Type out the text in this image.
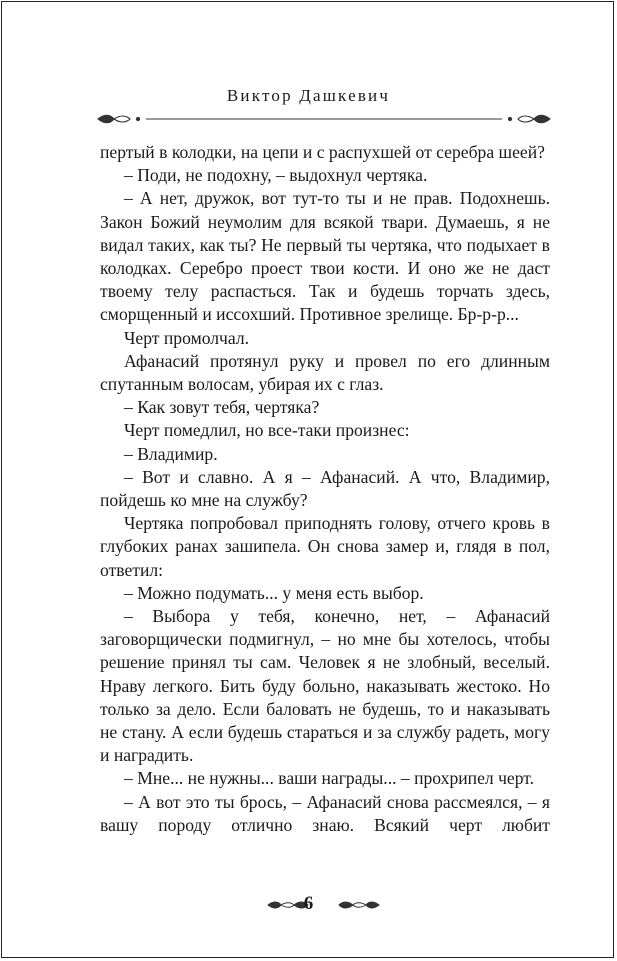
Виктор Дашкевич

пертый в колодки, на цепи и с распухшей от серебра шеей?

– Поди, не подохну, – выдохнул чертяка.

– А нет, дружок, вот тут-то ты и не прав. Подохнешь. Закон Божий неумолим для всякой твари. Думаешь, я не видал таких, как ты? Не первый ты чертяка, что подыхает в колодках. Серебро проест твои кости. И оно же не даст твоему телу распасться. Так и будешь торчать здесь, сморщенный и иссохший. Противное зрелище. Бр-р-р...

Черт промолчал.

Афанасий протянул руку и провел по его длинным спутанным волосам, убирая их с глаз.

– Как зовут тебя, чертяка?

Черт помедлил, но все-таки произнес:

– Владимир.

– Вот и славно. А я – Афанасий. А что, Владимир, пойдешь ко мне на службу?

Чертяка попробовал приподнять голову, отчего кровь в глубоких ранах зашипела. Он снова замер и, глядя в пол, ответил:

– Можно подумать... у меня есть выбор.

– Выбора у тебя, конечно, нет, – Афанасий заговорщически подмигнул, – но мне бы хотелось, чтобы решение принял ты сам. Человек я не злобный, веселый. Нраву легкого. Бить буду больно, наказывать жестоко. Но только за дело. Если баловать не будешь, то и наказывать не стану. А если будешь стараться и за службу радеть, могу и наградить.

– Мне... не нужны... ваши награды... – прохрипел черт.

– А вот это ты брось, – Афанасий снова рассмеялся, – я вашу породу отлично знаю. Всякий черт любит

6
